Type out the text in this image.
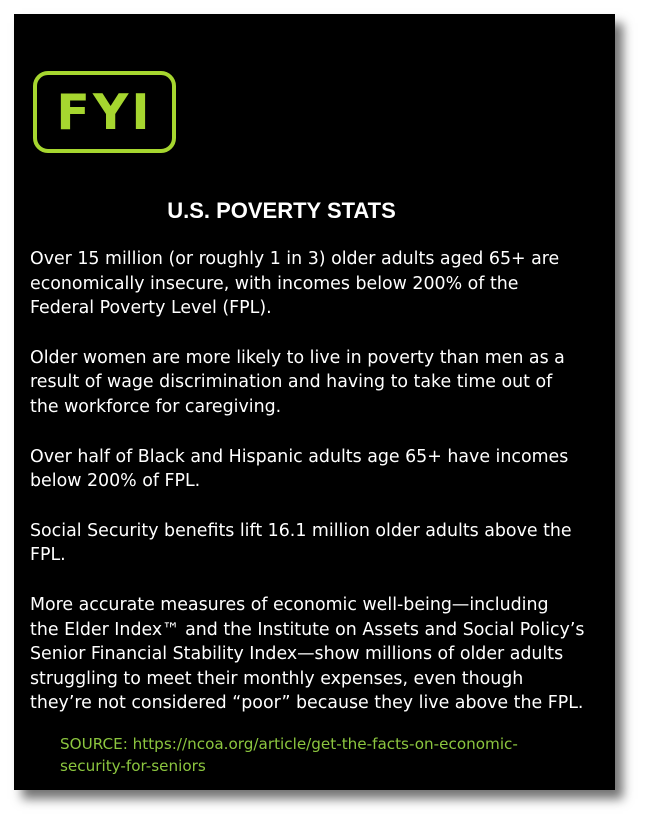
FYI
U.S. POVERTY STATS

Over 15 million (or roughly 1 in 3) older adults aged 65+ are
economically insecure, with incomes below 200% of the
Federal Poverty Level (FPL).

Older women are more likely to live in poverty than men as a
result of wage discrimination and having to take time out of
the workforce for caregiving.

Over half of Black and Hispanic adults age 65+ have incomes
below 200% of FPL.

Social Security benefits lift 16.1 million older adults above the
FPL.

More accurate measures of economic well-being—including
the Elder Index™ and the Institute on Assets and Social Policy’s
Senior Financial Stability Index—show millions of older adults
struggling to meet their monthly expenses, even though
they’re not considered “poor” because they live above the FPL.

SOURCE: https://ncoa.org/article/get-the-facts-on-economic-
security-for-seniors
